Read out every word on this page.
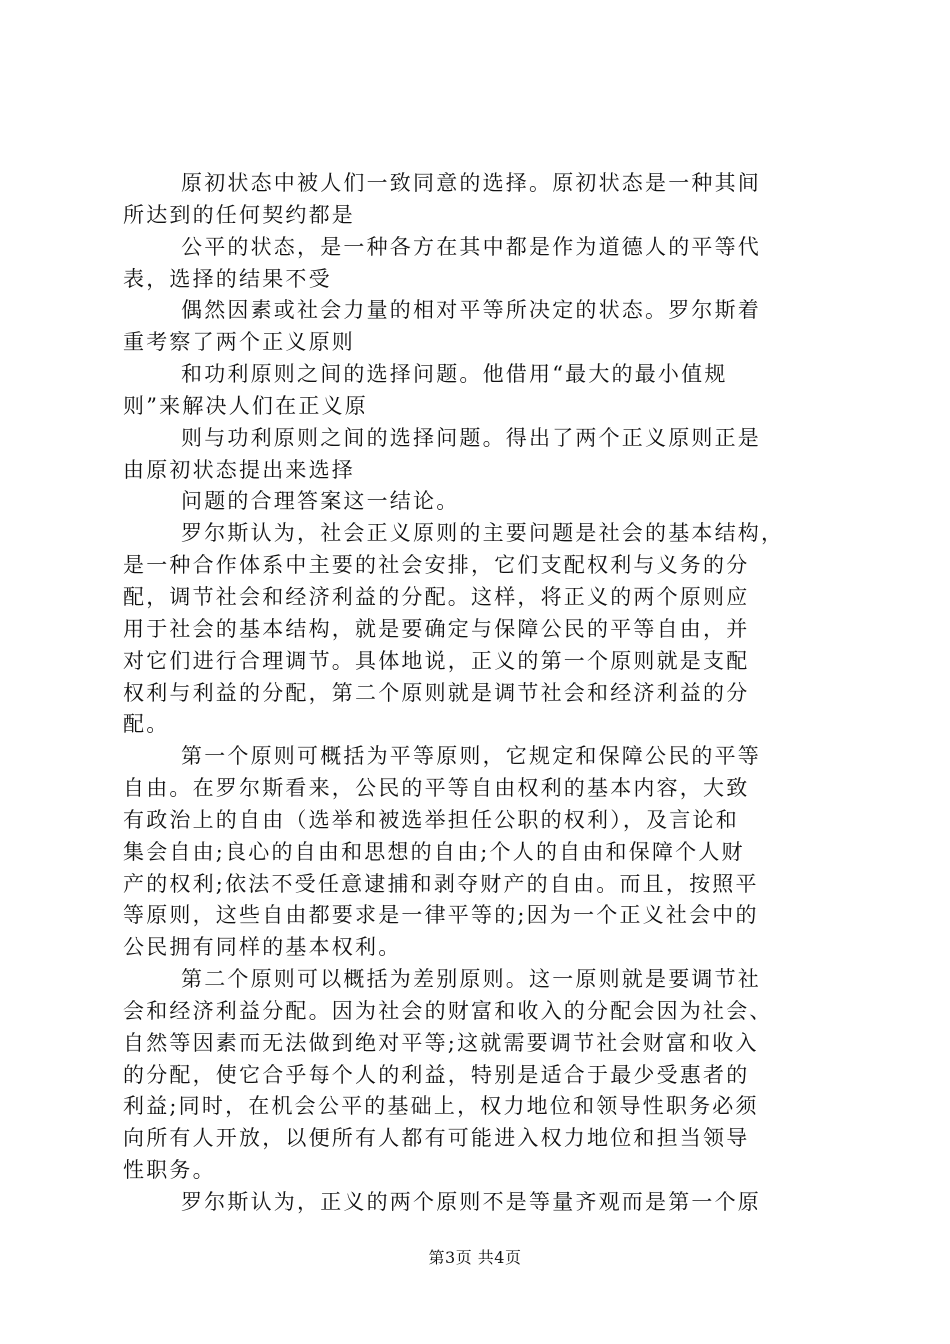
原初状态中被人们一致同意的选择。原初状态是一种其间
所达到的任何契约都是
公平的状态，是一种各方在其中都是作为道德人的平等代
表，选择的结果不受
偶然因素或社会力量的相对平等所决定的状态。罗尔斯着
重考察了两个正义原则
和功利原则之间的选择问题。他借用“最大的最小值规
则”来解决人们在正义原
则与功利原则之间的选择问题。得出了两个正义原则正是
由原初状态提出来选择
问题的合理答案这一结论。
罗尔斯认为，社会正义原则的主要问题是社会的基本结构，
是一种合作体系中主要的社会安排，它们支配权利与义务的分
配，调节社会和经济利益的分配。这样，将正义的两个原则应
用于社会的基本结构，就是要确定与保障公民的平等自由，并
对它们进行合理调节。具体地说，正义的第一个原则就是支配
权利与利益的分配，第二个原则就是调节社会和经济利益的分
配。
第一个原则可概括为平等原则，它规定和保障公民的平等
自由。在罗尔斯看来，公民的平等自由权利的基本内容，大致
有政治上的自由（选举和被选举担任公职的权利），及言论和
集会自由;良心的自由和思想的自由;个人的自由和保障个人财
产的权利;依法不受任意逮捕和剥夺财产的自由。而且，按照平
等原则，这些自由都要求是一律平等的;因为一个正义社会中的
公民拥有同样的基本权利。
第二个原则可以概括为差别原则。这一原则就是要调节社
会和经济利益分配。因为社会的财富和收入的分配会因为社会、
自然等因素而无法做到绝对平等;这就需要调节社会财富和收入
的分配，使它合乎每个人的利益，特别是适合于最少受惠者的
利益;同时，在机会公平的基础上，权力地位和领导性职务必须
向所有人开放，以便所有人都有可能进入权力地位和担当领导
性职务。
罗尔斯认为，正义的两个原则不是等量齐观而是第一个原
第3页 共4页
